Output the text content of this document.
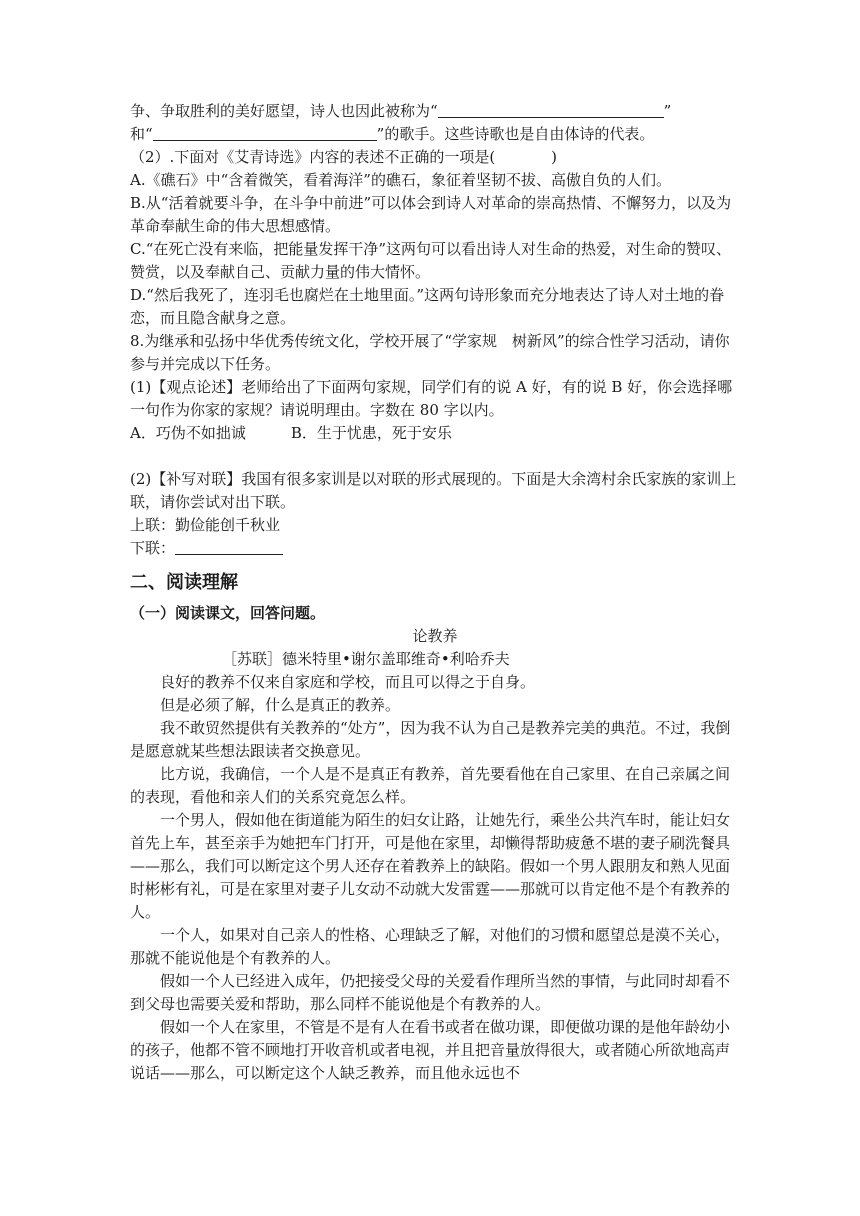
争、争取胜利的美好愿望，诗人也因此被称为“	”

和“	”的歌手。这些诗歌也是自由体诗的代表。

（2）.下面对《艾青诗选》内容的表述不正确的一项是(	)

A.《礁石》中“含着微笑，看着海洋”的礁石，象征着坚韧不拔、高傲自负的人们。

B.从“活着就要斗争，在斗争中前进”可以体会到诗人对革命的崇高热情、不懈努力，以及为革命奉献生命的伟大思想感情。

C.“在死亡没有来临，把能量发挥干净”这两句可以看出诗人对生命的热爱，对生命的赞叹、赞赏，以及奉献自己、贡献力量的伟大情怀。

D.“然后我死了，连羽毛也腐烂在土地里面。”这两句诗形象而充分地表达了诗人对土地的眷恋，而且隐含献身之意。

8.为继承和弘扬中华优秀传统文化，学校开展了“学家规　树新风”的综合性学习活动，请你参与并完成以下任务。

(1)【观点论述】老师给出了下面两句家规，同学们有的说 A 好，有的说 B 好，你会选择哪一句作为你家的家规？请说明理由。字数在 80 字以内。

A．巧伪不如拙诚　　　B．生于忧患，死于安乐

(2)【补写对联】我国有很多家训是以对联的形式展现的。下面是大余湾村余氏家族的家训上联，请你尝试对出下联。

上联：勤俭能创千秋业

下联：

二、阅读理解

（一）阅读课文，回答问题。

论教养

［苏联］德米特里•谢尔盖耶维奇•利哈乔夫

良好的教养不仅来自家庭和学校，而且可以得之于自身。

但是必须了解，什么是真正的教养。

我不敢贸然提供有关教养的“处方”，因为我不认为自己是教养完美的典范。不过，我倒是愿意就某些想法跟读者交换意见。

比方说，我确信，一个人是不是真正有教养，首先要看他在自己家里、在自己亲属之间的表现，看他和亲人们的关系究竟怎么样。

一个男人，假如他在街道能为陌生的妇女让路，让她先行，乘坐公共汽车时，能让妇女首先上车，甚至亲手为她把车门打开，可是他在家里，却懒得帮助疲惫不堪的妻子刷洗餐具——那么，我们可以断定这个男人还存在着教养上的缺陷。假如一个男人跟朋友和熟人见面时彬彬有礼，可是在家里对妻子儿女动不动就大发雷霆——那就可以肯定他不是个有教养的人。

一个人，如果对自己亲人的性格、心理缺乏了解，对他们的习惯和愿望总是漠不关心，那就不能说他是个有教养的人。

假如一个人已经进入成年，仍把接受父母的关爱看作理所当然的事情，与此同时却看不到父母也需要关爱和帮助，那么同样不能说他是个有教养的人。

假如一个人在家里，不管是不是有人在看书或者在做功课，即便做功课的是他年龄幼小的孩子，他都不管不顾地打开收音机或者电视，并且把音量放得很大，或者随心所欲地高声说话——那么，可以断定这个人缺乏教养，而且他永远也不
